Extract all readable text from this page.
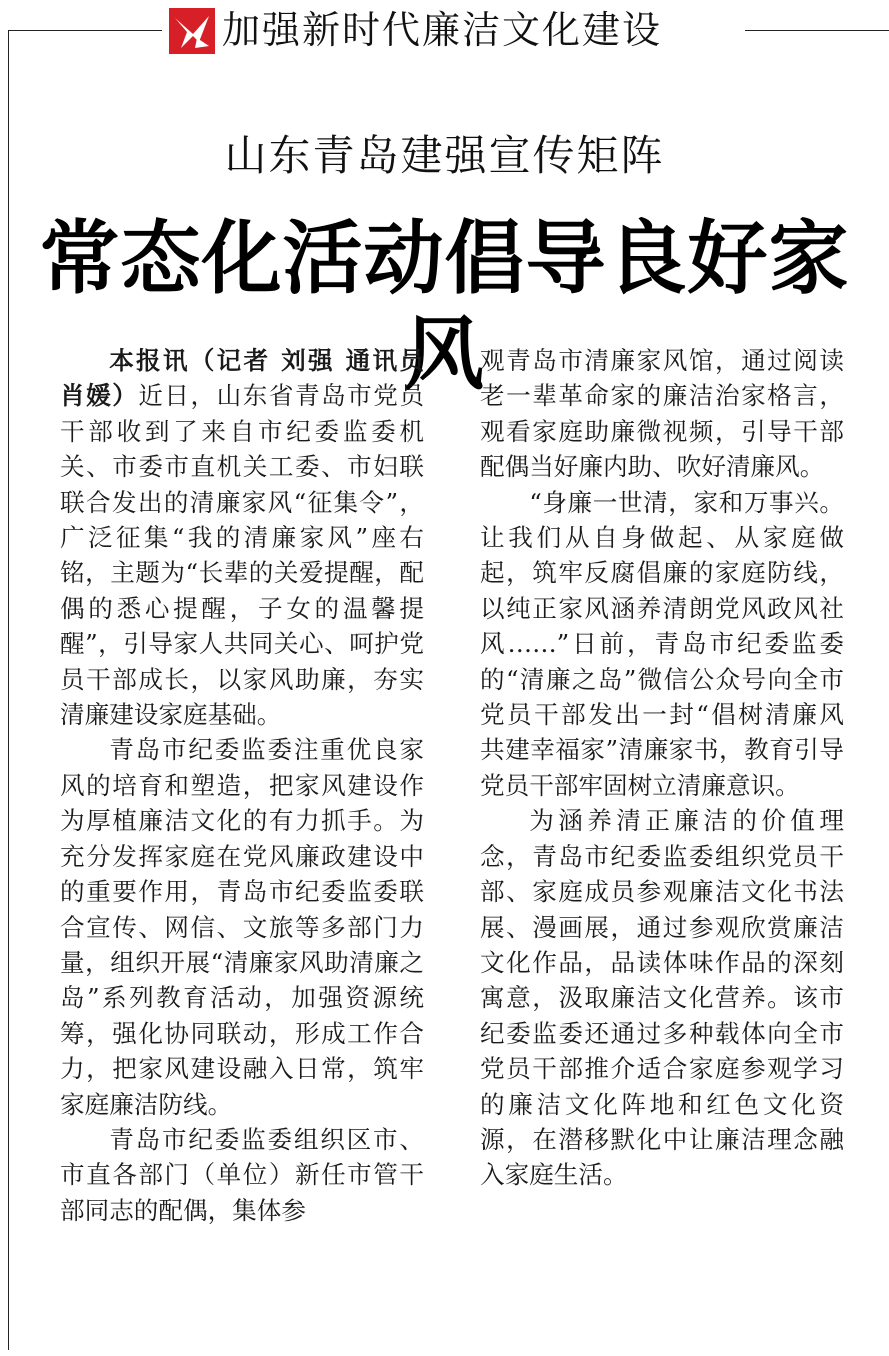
加强新时代廉洁文化建设
山东青岛建强宣传矩阵
常态化活动倡导良好家风

本报讯（记者 刘强 通讯员 肖媛）近日，山东省青岛市党员干部收到了来自市纪委监委机关、市委市直机关工委、市妇联联合发出的清廉家风“征集令”，广泛征集“我的清廉家风”座右铭，主题为“长辈的关爱提醒，配偶的悉心提醒，子女的温馨提醒”，引导家人共同关心、呵护党员干部成长，以家风助廉，夯实清廉建设家庭基础。

青岛市纪委监委注重优良家风的培育和塑造，把家风建设作为厚植廉洁文化的有力抓手。为充分发挥家庭在党风廉政建设中的重要作用，青岛市纪委监委联合宣传、网信、文旅等多部门力量，组织开展“清廉家风助清廉之岛”系列教育活动，加强资源统筹，强化协同联动，形成工作合力，把家风建设融入日常，筑牢家庭廉洁防线。

青岛市纪委监委组织区市、市直各部门（单位）新任市管干部同志的配偶，集体参

观青岛市清廉家风馆，通过阅读老一辈革命家的廉洁治家格言，观看家庭助廉微视频，引导干部配偶当好廉内助、吹好清廉风。

“身廉一世清，家和万事兴。让我们从自身做起、从家庭做起，筑牢反腐倡廉的家庭防线，以纯正家风涵养清朗党风政风社风……”日前，青岛市纪委监委的“清廉之岛”微信公众号向全市党员干部发出一封“倡树清廉风 共建幸福家”清廉家书，教育引导党员干部牢固树立清廉意识。

为涵养清正廉洁的价值理念，青岛市纪委监委组织党员干部、家庭成员参观廉洁文化书法展、漫画展，通过参观欣赏廉洁文化作品，品读体味作品的深刻寓意，汲取廉洁文化营养。该市纪委监委还通过多种载体向全市党员干部推介适合家庭参观学习的廉洁文化阵地和红色文化资源，在潜移默化中让廉洁理念融入家庭生活。
